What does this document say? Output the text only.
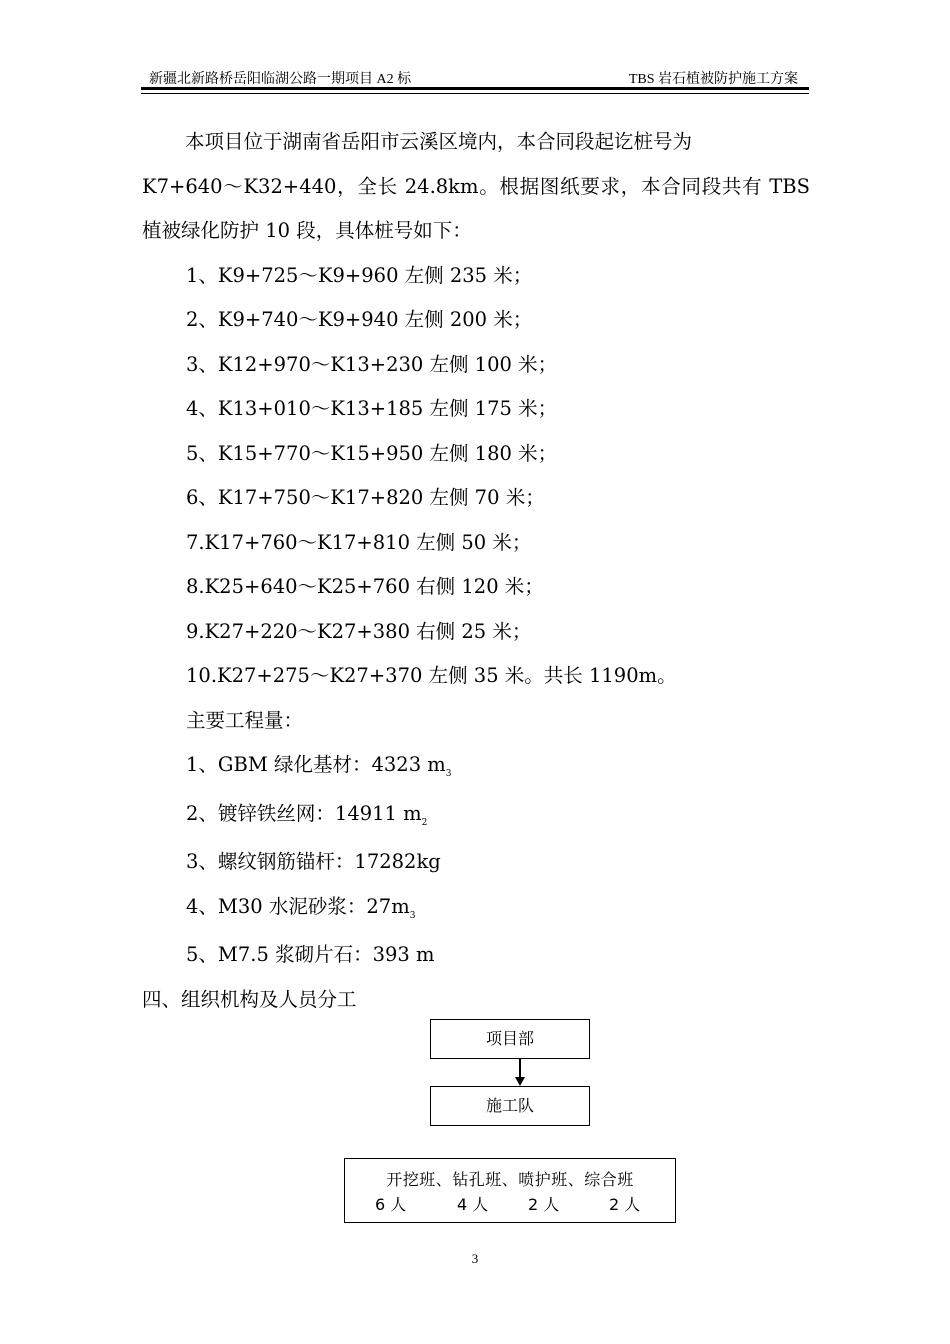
新疆北新路桥岳阳临湖公路一期项目 A2 标	TBS 岩石植被防护施工方案

本项目位于湖南省岳阳市云溪区境内，本合同段起讫桩号为

K7+640～K32+440，全长 24.8km。根据图纸要求，本合同段共有 TBS

植被绿化防护 10 段，具体桩号如下：

1、K9+725～K9+960 左侧 235 米；

2、K9+740～K9+940 左侧 200 米；

3、K12+970～K13+230 左侧 100 米；

4、K13+010～K13+185 左侧 175 米；

5、K15+770～K15+950 左侧 180 米；

6、K17+750～K17+820 左侧 70 米；

7.K17+760～K17+810 左侧 50 米；

8.K25+640～K25+760 右侧 120 米；

9.K27+220～K27+380 右侧 25 米；

10.K27+275～K27+370 左侧 35 米。共长 1190m。

主要工程量：

1、GBM 绿化基材：4323 $m^3$

2、镀锌铁丝网：14911 $m^2$

3、螺纹钢筋锚杆：17282kg

4、M30 水泥砂浆：$27m^3$

5、M7.5 浆砌片石：393 m

四、组织机构及人员分工

项目部
施工队
开挖班、钻孔班、喷护班、综合班
6 人	4 人 2 人	2 人
3
